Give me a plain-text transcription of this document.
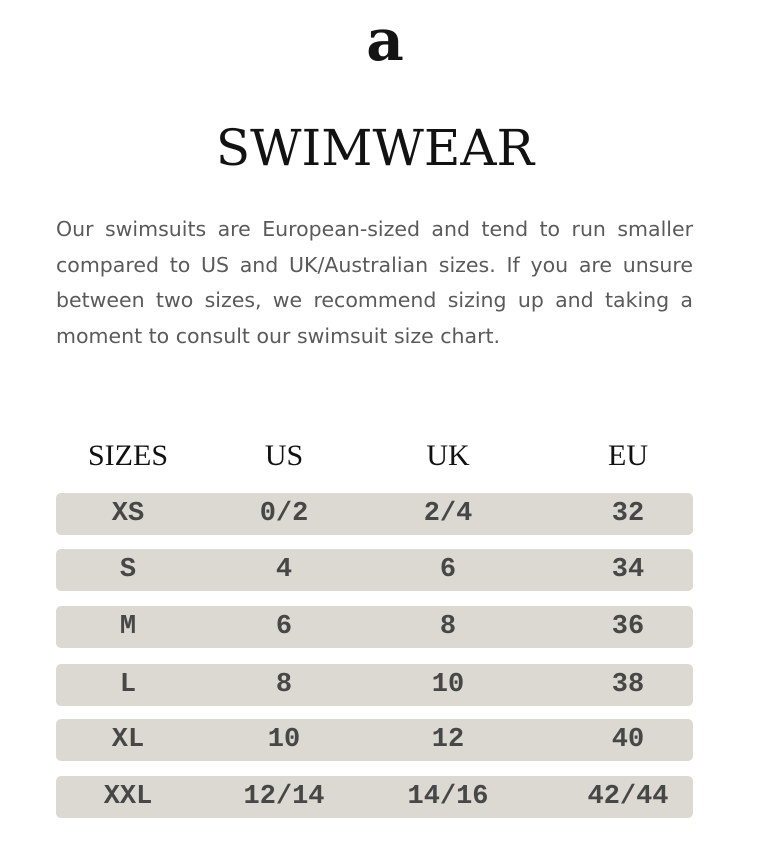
a
SWIMWEAR

Our swimsuits are European-sized and tend to run smaller compared to US and UK/Australian sizes. If you are unsure between two sizes, we recommend sizing up and taking a moment to consult our swimsuit size chart.

SIZES	US	UK	EU
XS	0/2	2/4	32
S	4	6	34
M	6	8	36
L	8	10	38
XL	10	12	40
XXL	12/14	14/16	42/44
